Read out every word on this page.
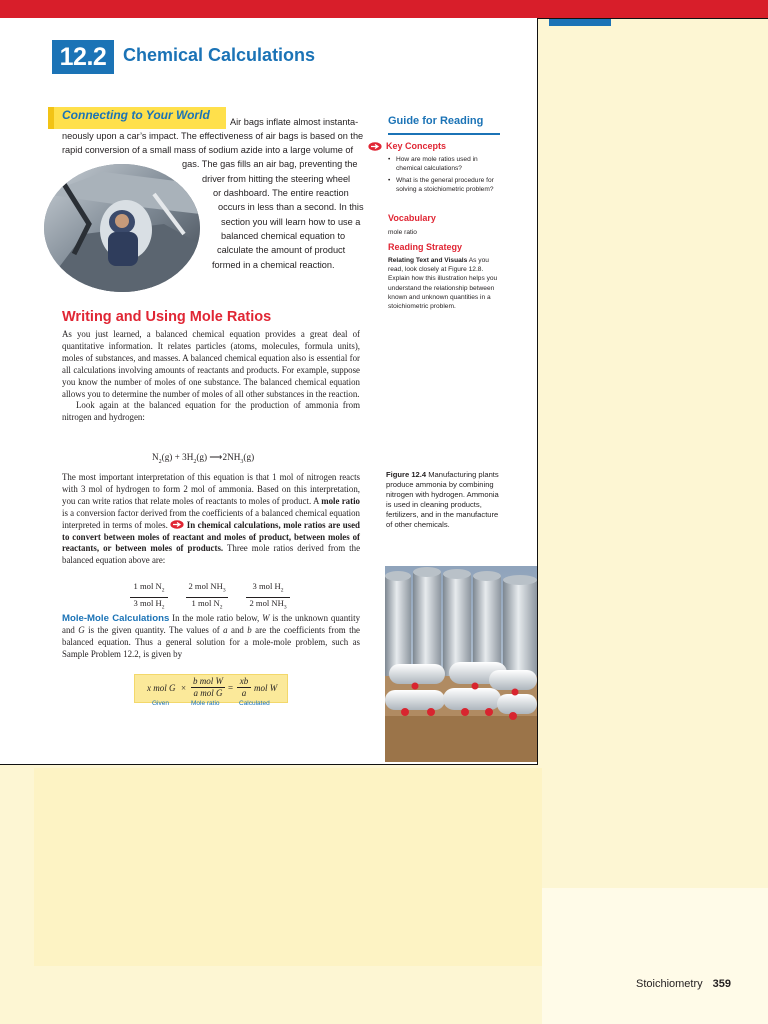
12.2 Chemical Calculations
Connecting to Your World Air bags inflate almost instanta-
neously upon a car’s impact. The effectiveness of air bags is based on the
rapid conversion of a small mass of sodium azide into a large volume of
gas. The gas fills an air bag, preventing the
driver from hitting the steering wheel
or dashboard. The entire reaction
occurs in less than a second. In this
section you will learn how to use a
balanced chemical equation to
calculate the amount of product
formed in a chemical reaction.
Writing and Using Mole Ratios

As you just learned, a balanced chemical equation provides a great deal of quantitative information. It relates particles (atoms, molecules, formula units), moles of substances, and masses. A balanced chemical equation also is essential for all calculations involving amounts of reactants and products. For example, suppose you know the number of moles of one substance. The balanced chemical equation allows you to determine the number of moles of all other substances in the reaction.

Look again at the balanced equation for the production of ammonia from nitrogen and hydrogen:

$N_2(g) + 3H_2(g)$ $⟶2NH_3(g)$

The most important interpretation of this equation is that 1 mol of nitrogen reacts with 3 mol of hydrogen to form 2 mol of ammonia. Based on this interpretation, you can write ratios that relate moles of reactants to moles of product. A mole ratio is a conversion factor derived from the coefficients of a balanced chemical equation interpreted in terms of moles.  In chemical calculations, mole ratios are used to convert between moles of reactant and moles of product, between moles of reactants, or between moles of products. Three mole ratios derived from the balanced equation above are:

1 mol $N_2$
3 mol $H_2$
2 mol $NH_3$
1 mol $N_2$
3 mol $H_2$
2 mol $NH_3$

Mole-Mole Calculations In the mole ratio below, W is the unknown quantity and G is the given quantity. The values of a and b are the coefficients from the balanced equation. Thus a general solution for a mole-mole problem, such as Sample Problem 12.2, is given by

x mol G ×
b mol W
a mol $G = \frac{xb}{a}$ mol W
Given	Mole ratio	Calculated
Guide for Reading
Key Concepts
• How are mole ratios used in chemical calculations?
• What is the general procedure for solving a stoichiometric problem?
Vocabulary
mole ratio
Reading Strategy
Relating Text and Visuals As you read, look closely at Figure 12.8. Explain how this illustration helps you understand the relationship between known and unknown quantities in a stoichiometric problem.
Figure 12.4 Manufacturing plants produce ammonia by combining nitrogen with hydrogen. Ammonia is used in cleaning products, fertilizers, and in the manufacture of other chemicals.
Stoichiometry 359
